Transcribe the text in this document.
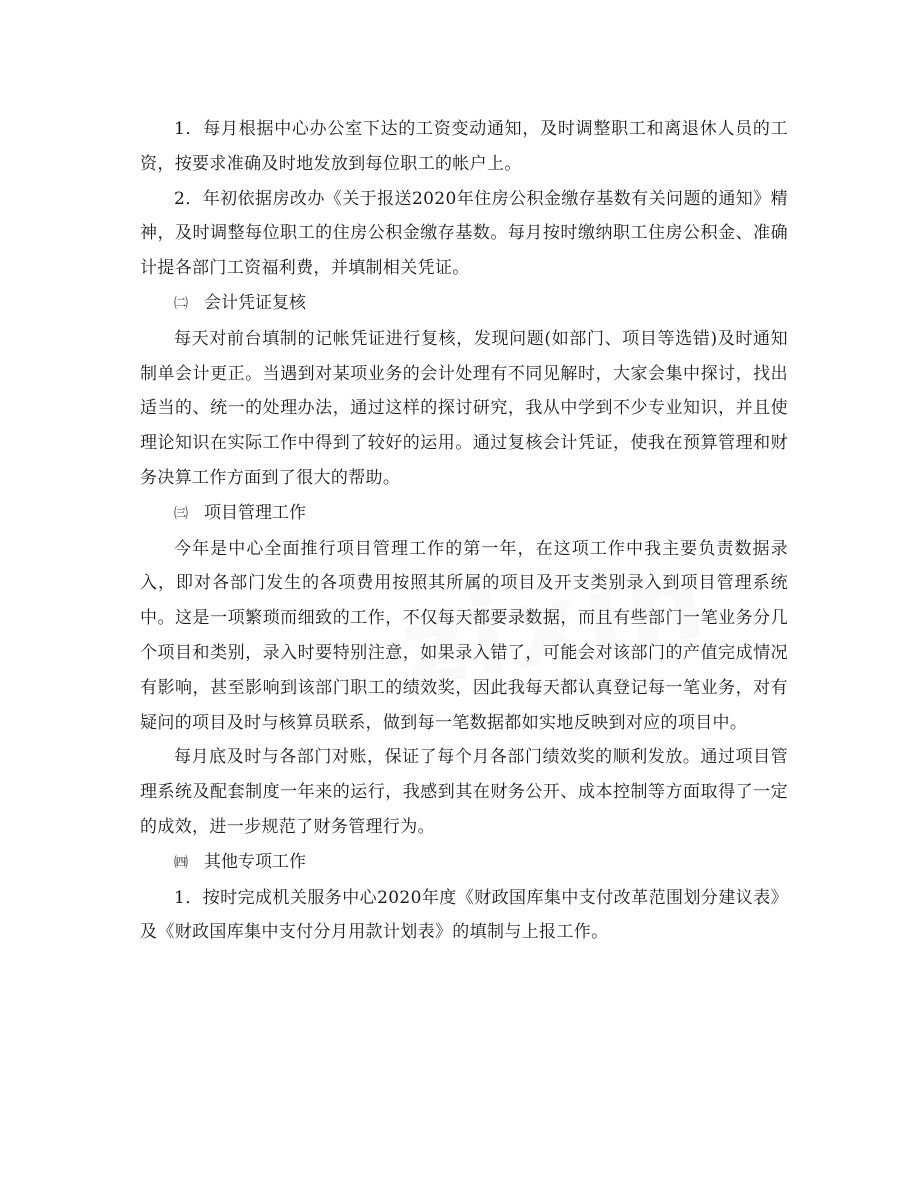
1．每月根据中心办公室下达的工资变动通知，及时调整职工和离退休人员的工资，按要求准确及时地发放到每位职工的帐户上。

2．年初依据房改办《关于报送2020年住房公积金缴存基数有关问题的通知》精神，及时调整每位职工的住房公积金缴存基数。每月按时缴纳职工住房公积金、准确计提各部门工资福利费，并填制相关凭证。

㈡ 会计凭证复核

每天对前台填制的记帐凭证进行复核，发现问题(如部门、项目等选错)及时通知制单会计更正。当遇到对某项业务的会计处理有不同见解时，大家会集中探讨，找出适当的、统一的处理办法，通过这样的探讨研究，我从中学到不少专业知识，并且使理论知识在实际工作中得到了较好的运用。通过复核会计凭证，使我在预算管理和财务决算工作方面到了很大的帮助。

㈢ 项目管理工作

今年是中心全面推行项目管理工作的第一年，在这项工作中我主要负责数据录入，即对各部门发生的各项费用按照其所属的项目及开支类别录入到项目管理系统中。这是一项繁琐而细致的工作，不仅每天都要录数据，而且有些部门一笔业务分几个项目和类别，录入时要特别注意，如果录入错了，可能会对该部门的产值完成情况有影响，甚至影响到该部门职工的绩效奖，因此我每天都认真登记每一笔业务，对有疑问的项目及时与核算员联系，做到每一笔数据都如实地反映到对应的项目中。

每月底及时与各部门对账，保证了每个月各部门绩效奖的顺利发放。通过项目管理系统及配套制度一年来的运行，我感到其在财务公开、成本控制等方面取得了一定的成效，进一步规范了财务管理行为。

㈣ 其他专项工作

1．按时完成机关服务中心2020年度《财政国库集中支付改革范围划分建议表》及《财政国库集中支付分月用款计划表》的填制与上报工作。
